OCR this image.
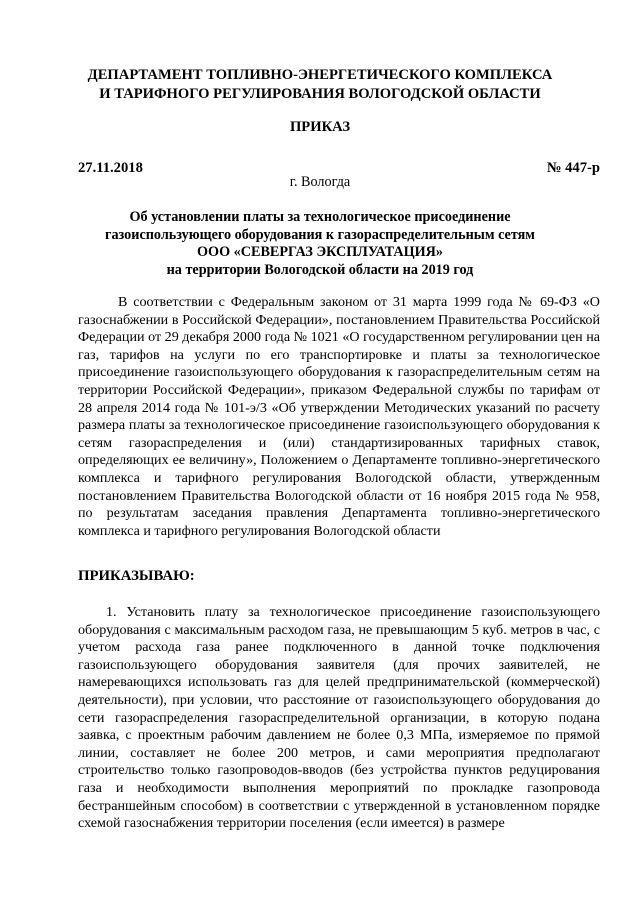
ДЕПАРТАМЕНТ ТОПЛИВНО-ЭНЕРГЕТИЧЕСКОГО КОМПЛЕКСА
И ТАРИФНОГО РЕГУЛИРОВАНИЯ ВОЛОГОДСКОЙ ОБЛАСТИ
ПРИКАЗ
27.11.2018	№ 447-р
г. Вологда
Об установлении платы за технологическое присоединение
газоиспользующего оборудования к газораспределительным сетям
ООО «СЕВЕРГАЗ ЭКСПЛУАТАЦИЯ»
на территории Вологодской области на 2019 год

В соответствии с Федеральным законом от 31 марта 1999 года № 69-ФЗ «О газоснабжении в Российской Федерации», постановлением Правительства Российской Федерации от 29 декабря 2000 года № 1021 «О государственном регулировании цен на газ, тарифов на услуги по его транспортировке и платы за технологическое присоединение газоиспользующего оборудования к газораспределительным сетям на территории Российской Федерации», приказом Федеральной службы по тарифам от 28 апреля 2014 года № 101-э/3 «Об утверждении Методических указаний по расчету размера платы за технологическое присоединение газоиспользующего оборудования к сетям газораспределения и (или) стандартизированных тарифных ставок, определяющих ее величину», Положением о Департаменте топливно-энергетического комплекса и тарифного регулирования Вологодской области, утвержденным постановлением Правительства Вологодской области от 16 ноября 2015 года № 958, по результатам заседания правления Департамента топливно-энергетического комплекса и тарифного регулирования Вологодской области

ПРИКАЗЫВАЮ:

1. Установить плату за технологическое присоединение газоиспользующего оборудования с максимальным расходом газа, не превышающим 5 куб. метров в час, с учетом расхода газа ранее подключенного в данной точке подключения газоиспользующего оборудования заявителя (для прочих заявителей, не намеревающихся использовать газ для целей предпринимательской (коммерческой) деятельности), при условии, что расстояние от газоиспользующего оборудования до сети газораспределения газораспределительной организации, в которую подана заявка, с проектным рабочим давлением не более 0,3 МПа, измеряемое по прямой линии, составляет не более 200 метров, и сами мероприятия предполагают строительство только газопроводов-вводов (без устройства пунктов редуцирования газа и необходимости выполнения мероприятий по прокладке газопровода бестраншейным способом) в соответствии с утвержденной в установленном порядке схемой газоснабжения территории поселения (если имеется) в размере
